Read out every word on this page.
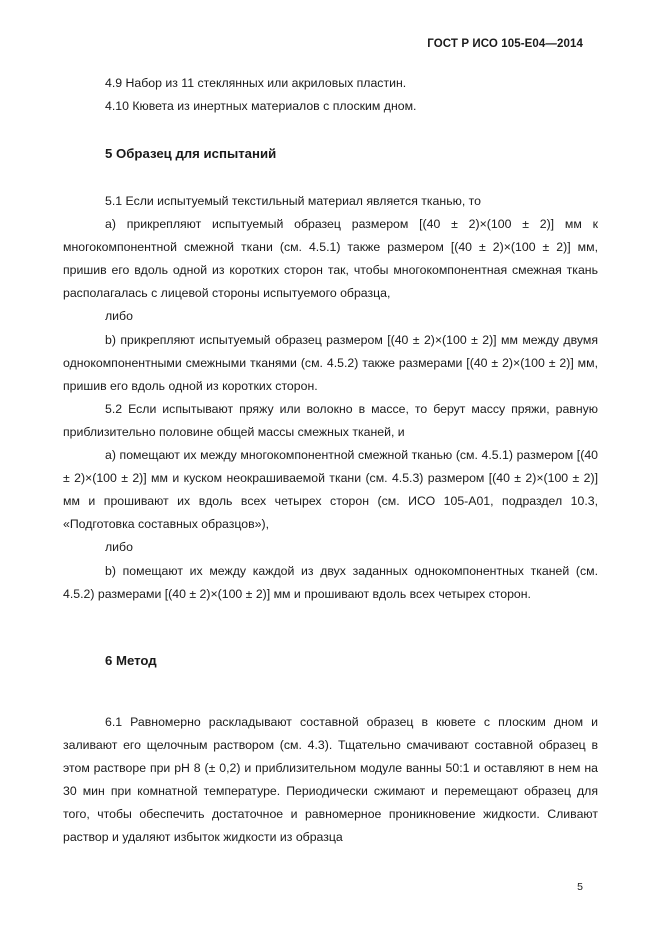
ГОСТ Р ИСО 105-Е04—2014

4.9 Набор из 11 стеклянных или акриловых пластин.

4.10 Кювета из инертных материалов с плоским дном.

5 Образец для испытаний

5.1 Если испытуемый текстильный материал является тканью, то

а) прикрепляют испытуемый образец размером [(40 ± 2)×(100 ± 2)] мм к многокомпонентной смежной ткани (см. 4.5.1) также размером [(40 ± 2)×(100 ± 2)] мм, пришив его вдоль одной из коротких сторон так, чтобы многокомпонентная смежная ткань располагалась с лицевой стороны испытуемого образца,

либо

b) прикрепляют испытуемый образец размером [(40 ± 2)×(100 ± 2)] мм между двумя однокомпонентными смежными тканями (см. 4.5.2) также размерами [(40 ± 2)×(100 ± 2)] мм, пришив его вдоль одной из коротких сторон.

5.2 Если испытывают пряжу или волокно в массе, то берут массу пряжи, равную приблизительно половине общей массы смежных тканей, и

а) помещают их между многокомпонентной смежной тканью (см. 4.5.1) размером [(40 ± 2)×(100 ± 2)] мм и куском неокрашиваемой ткани (см. 4.5.3) размером [(40 ± 2)×(100 ± 2)] мм и прошивают их вдоль всех четырех сторон (см. ИСО 105-А01, подраздел 10.3, «Подготовка составных образцов»),

либо

b) помещают их между каждой из двух заданных однокомпонентных тканей (см. 4.5.2) размерами [(40 ± 2)×(100 ± 2)] мм и прошивают вдоль всех четырех сторон.

6 Метод

6.1 Равномерно раскладывают составной образец в кювете с плоским дном и заливают его щелочным раствором (см. 4.3). Тщательно смачивают составной образец в этом растворе при pH 8 (± 0,2) и приблизительном модуле ванны 50:1 и оставляют в нем на 30 мин при комнатной температуре. Периодически сжимают и перемещают образец для того, чтобы обеспечить достаточное и равномерное проникновение жидкости. Сливают раствор и удаляют избыток жидкости из образца

5
